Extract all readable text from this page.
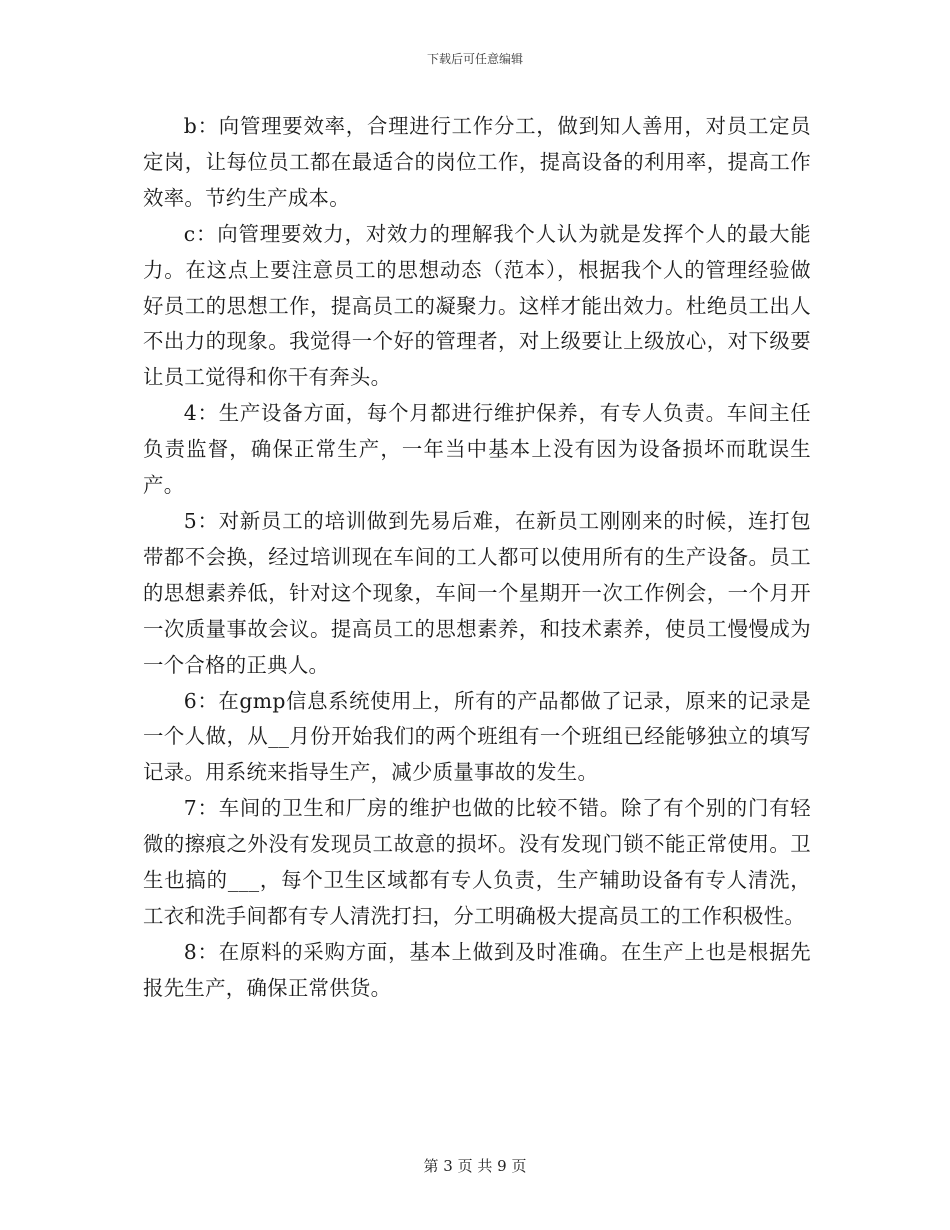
下载后可任意编辑

b：向管理要效率，合理进行工作分工，做到知人善用，对员工定员定岗，让每位员工都在最适合的岗位工作，提高设备的利用率，提高工作效率。节约生产成本。

c：向管理要效力，对效力的理解我个人认为就是发挥个人的最大能力。在这点上要注意员工的思想动态（范本），根据我个人的管理经验做好员工的思想工作，提高员工的凝聚力。这样才能出效力。杜绝员工出人不出力的现象。我觉得一个好的管理者，对上级要让上级放心，对下级要让员工觉得和你干有奔头。

4：生产设备方面，每个月都进行维护保养，有专人负责。车间主任负责监督，确保正常生产，一年当中基本上没有因为设备损坏而耽误生产。

5：对新员工的培训做到先易后难，在新员工刚刚来的时候，连打包带都不会换，经过培训现在车间的工人都可以使用所有的生产设备。员工的思想素养低，针对这个现象，车间一个星期开一次工作例会，一个月开一次质量事故会议。提高员工的思想素养，和技术素养，使员工慢慢成为一个合格的正典人。

6：在gmp信息系统使用上，所有的产品都做了记录，原来的记录是一个人做，从__月份开始我们的两个班组有一个班组已经能够独立的填写记录。用系统来指导生产，减少质量事故的发生。

7：车间的卫生和厂房的维护也做的比较不错。除了有个别的门有轻微的擦痕之外没有发现员工故意的损坏。没有发现门锁不能正常使用。卫生也搞的___，每个卫生区域都有专人负责，生产辅助设备有专人清洗，工衣和洗手间都有专人清洗打扫，分工明确极大提高员工的工作积极性。

8：在原料的采购方面，基本上做到及时准确。在生产上也是根据先报先生产，确保正常供货。

第 3 页 共 9 页
